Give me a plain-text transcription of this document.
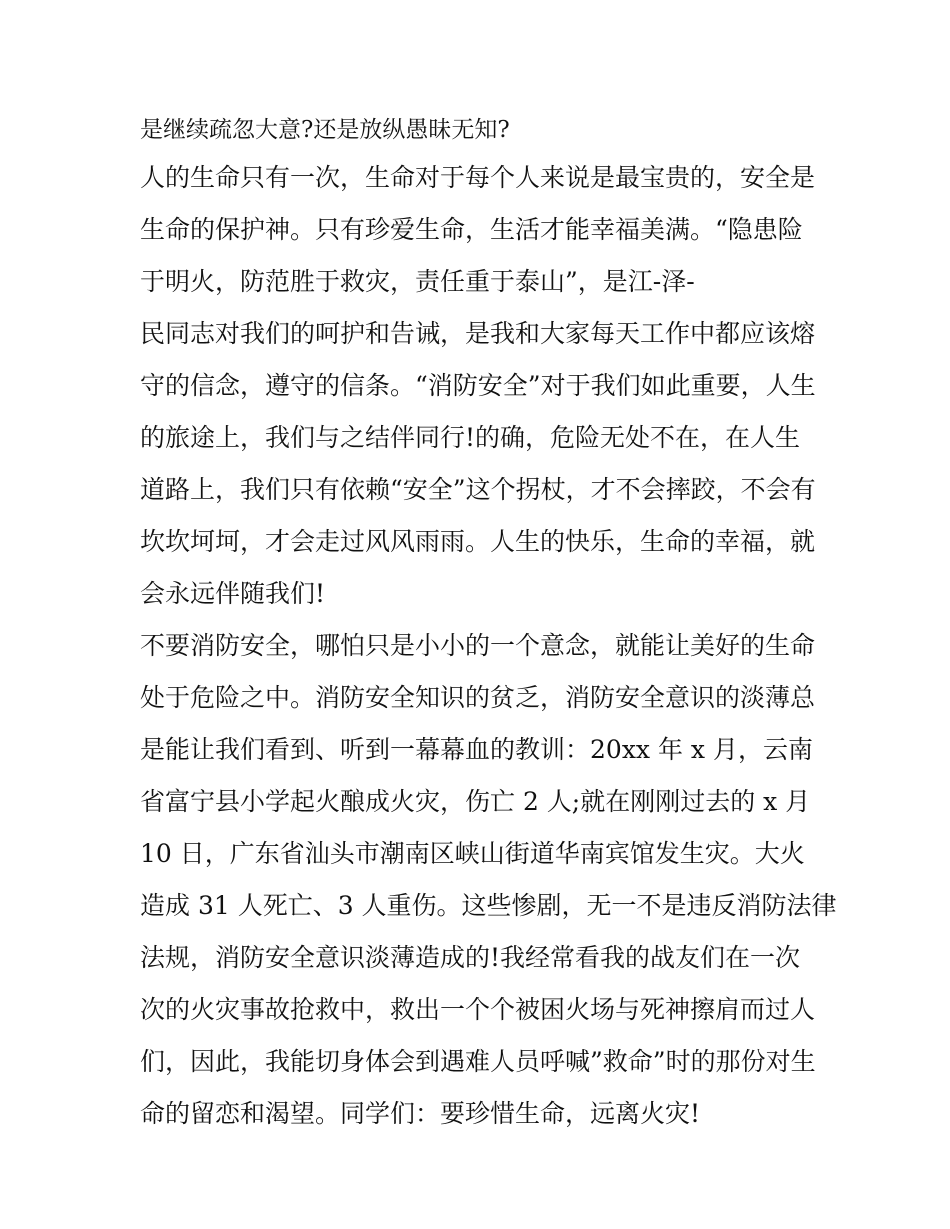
是继续疏忽大意?还是放纵愚昧无知?
人的生命只有一次，生命对于每个人来说是最宝贵的，安全是
生命的保护神。只有珍爱生命，生活才能幸福美满。“隐患险
于明火，防范胜于救灾，责任重于泰山”，是江-泽-
民同志对我们的呵护和告诫，是我和大家每天工作中都应该熔
守的信念，遵守的信条。“消防安全”对于我们如此重要，人生
的旅途上，我们与之结伴同行!的确，危险无处不在，在人生
道路上，我们只有依赖“安全”这个拐杖，才不会摔跤，不会有
坎坎坷坷，才会走过风风雨雨。人生的快乐，生命的幸福，就
会永远伴随我们!
不要消防安全，哪怕只是小小的一个意念，就能让美好的生命
处于危险之中。消防安全知识的贫乏，消防安全意识的淡薄总
是能让我们看到、听到一幕幕血的教训：20xx 年 x 月，云南
省富宁县小学起火酿成火灾，伤亡 2 人;就在刚刚过去的 x 月
10 日，广东省汕头市潮南区峡山街道华南宾馆发生灾。大火
造成 31 人死亡、3 人重伤。这些惨剧，无一不是违反消防法律
法规，消防安全意识淡薄造成的!我经常看我的战友们在一次
次的火灾事故抢救中，救出一个个被困火场与死神擦肩而过人
们，因此，我能切身体会到遇难人员呼喊”救命”时的那份对生
命的留恋和渴望。同学们：要珍惜生命，远离火灾!
